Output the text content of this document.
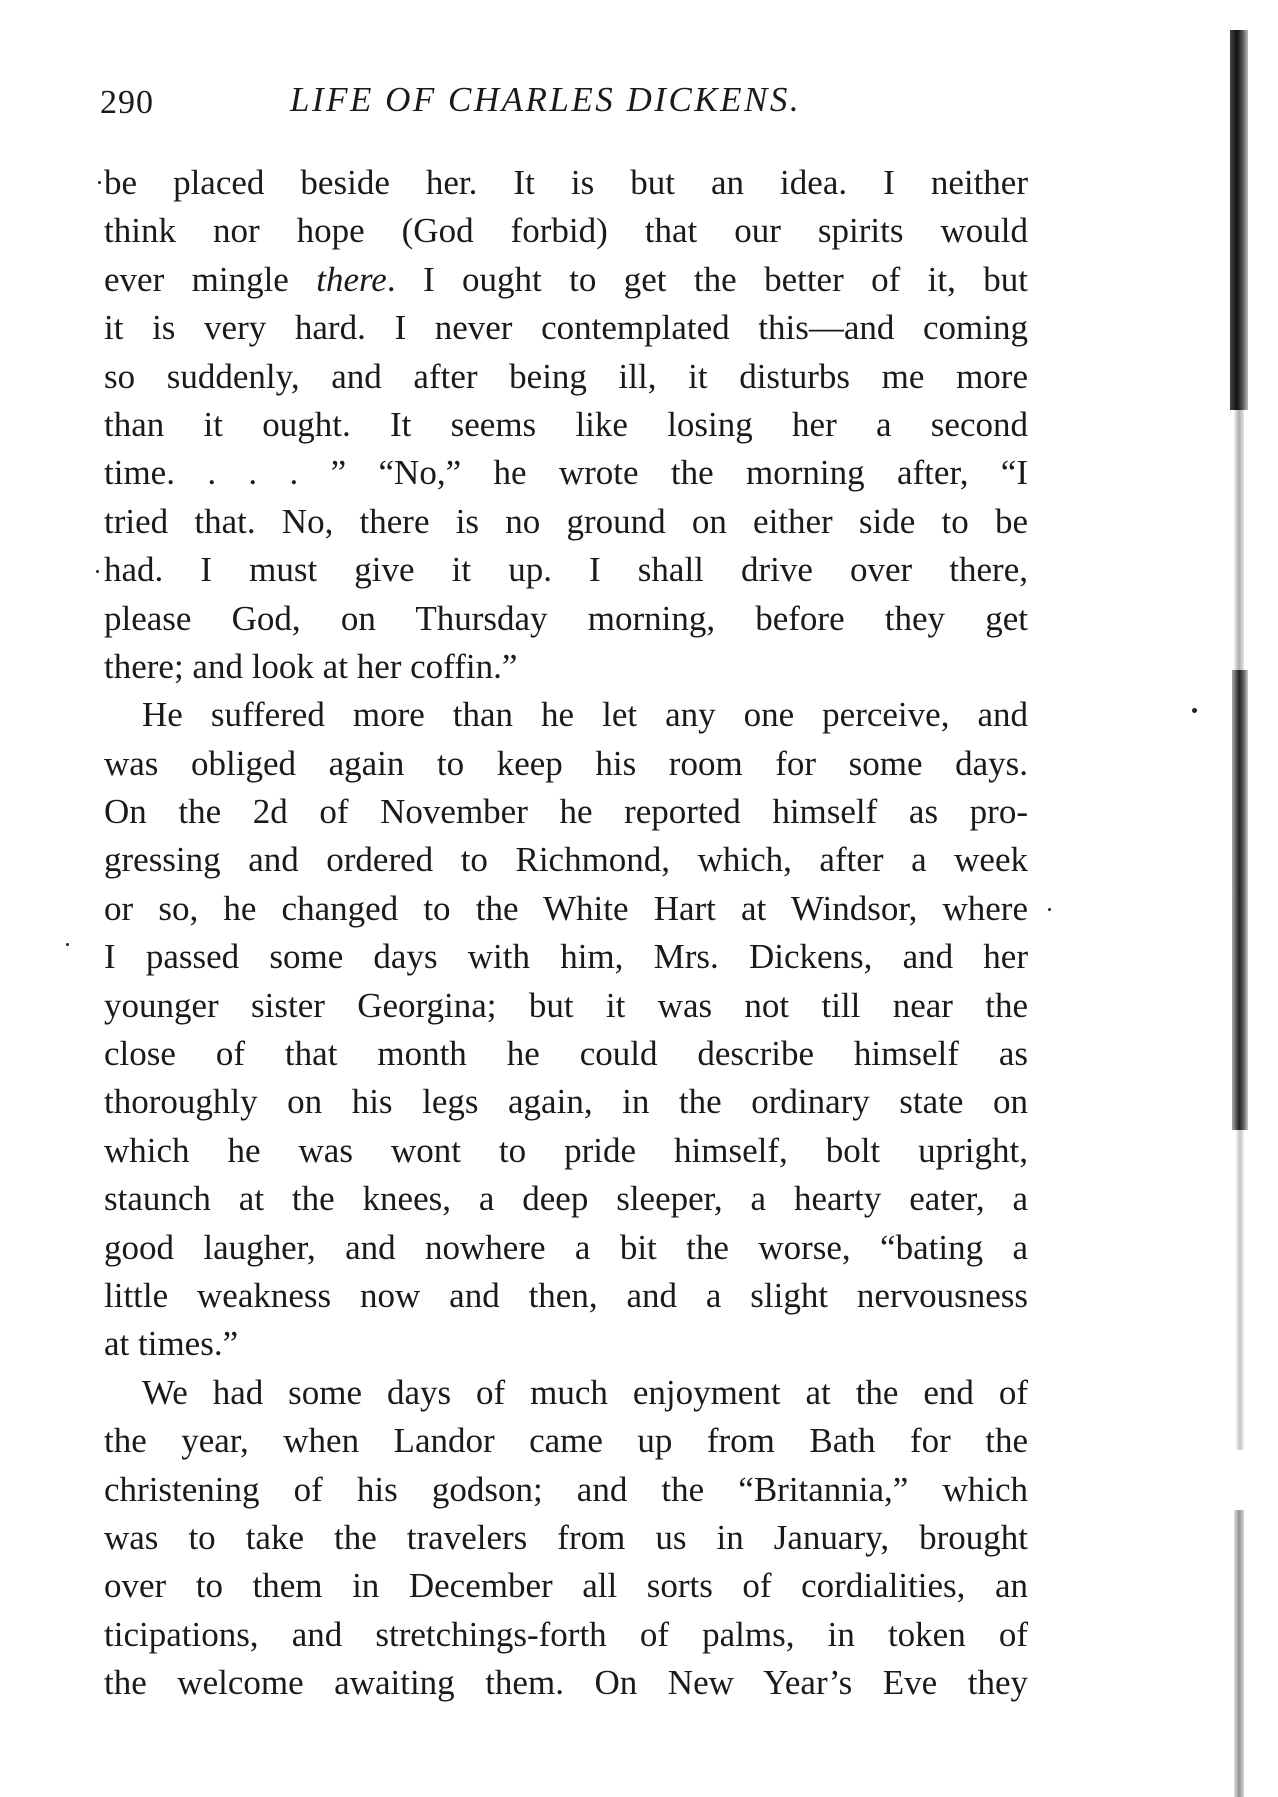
290	LIFE OF CHARLES DICKENS.
be placed beside her. It is but an idea. I neither
think nor hope (God forbid) that our spirits would
ever mingle there. I ought to get the better of it, but
it is very hard. I never contemplated this—and coming
so suddenly, and after being ill, it disturbs me more
than it ought. It seems like losing her a second
time. . . . ” “No,” he wrote the morning after, “I
tried that. No, there is no ground on either side to be
had. I must give it up. I shall drive over there,
please God, on Thursday morning, before they get
there; and look at her coffin.”
He suffered more than he let any one perceive, and
was obliged again to keep his room for some days.
On the 2d of November he reported himself as pro-
gressing and ordered to Richmond, which, after a week
or so, he changed to the White Hart at Windsor, where
I passed some days with him, Mrs. Dickens, and her
younger sister Georgina; but it was not till near the
close of that month he could describe himself as
thoroughly on his legs again, in the ordinary state on
which he was wont to pride himself, bolt upright,
staunch at the knees, a deep sleeper, a hearty eater, a
good laugher, and nowhere a bit the worse, “bating a
little weakness now and then, and a slight nervousness
at times.”
We had some days of much enjoyment at the end of
the year, when Landor came up from Bath for the
christening of his godson; and the “Britannia,” which
was to take the travelers from us in January, brought
over to them in December all sorts of cordialities, an
ticipations, and stretchings-forth of palms, in token of
the welcome awaiting them. On New Year’s Eve they
